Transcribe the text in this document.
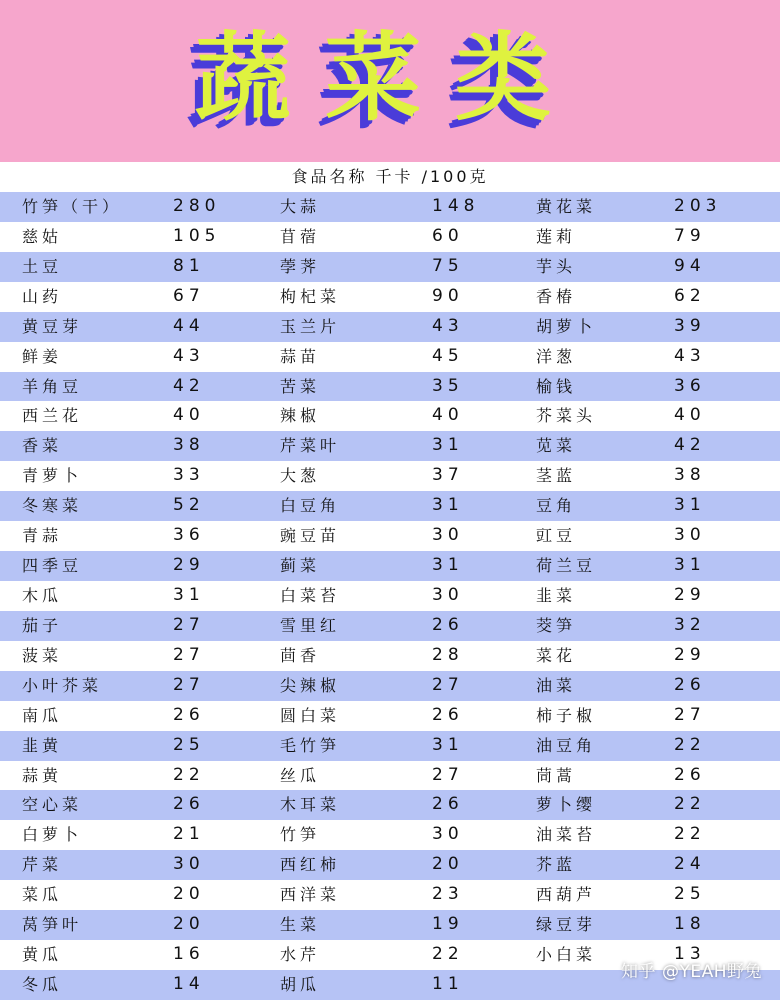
蔬菜类
食品名称 千卡 /100克
竹笋（干）	280	大蒜	148	黄花菜	203
慈姑	105	苜蓿	60	莲莉	79
土豆	81	荸荠	75	芋头	94
山药	67	枸杞菜	90	香椿	62
黄豆芽	44	玉兰片	43	胡萝卜	39
鲜姜	43	蒜苗	45	洋葱	43
羊角豆	42	苦菜	35	榆钱	36
西兰花	40	辣椒	40	芥菜头	40
香菜	38	芹菜叶	31	苋菜	42
青萝卜	33	大葱	37	茎蓝	38
冬寒菜	52	白豆角	31	豆角	31
青蒜	36	豌豆苗	30	豇豆	30
四季豆	29	蓟菜	31	荷兰豆	31
木瓜	31	白菜苔	30	韭菜	29
茄子	27	雪里红	26	茭笋	32
菠菜	27	茴香	28	菜花	29
小叶芥菜	27	尖辣椒	27	油菜	26
南瓜	26	圆白菜	26	柿子椒	27
韭黄	25	毛竹笋	31	油豆角	22
蒜黄	22	丝瓜	27	茼蒿	26
空心菜	26	木耳菜	26	萝卜缨	22
白萝卜	21	竹笋	30	油菜苔	22
芹菜	30	西红柿	20	芥蓝	24
菜瓜	20	西洋菜	23	西葫芦	25
莴笋叶	20	生菜	19	绿豆芽	18
黄瓜	16	水芹	22	小白菜	13
冬瓜	14	胡瓜	11
知乎 @YEAH野兔
